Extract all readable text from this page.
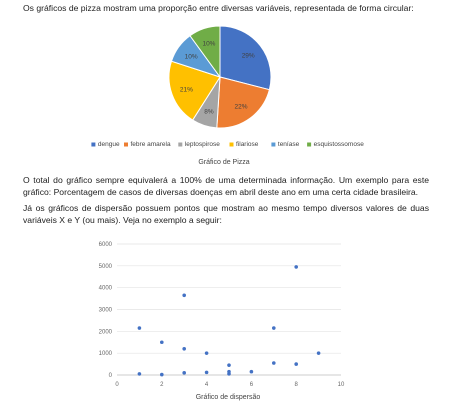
Os gráficos de pizza mostram uma proporção entre diversas variáveis, representada de forma circular:
29%
22%
8%
21%
10%
10%
dengue febre amarela leptospirose filariose	teníase esquistossomose
Gráfico de Pizza
O total do gráfico sempre equivalerá a 100% de uma determinada informação. Um exemplo para este gráfico: Porcentagem de casos de diversas doenças em abril deste ano em uma certa cidade brasileira.
Já os gráficos de dispersão possuem pontos que mostram ao mesmo tempo diversos valores de duas variáveis X e Y (ou mais). Veja no exemplo a seguir:
0
1000
2000
3000
4000
5000
6000
0	2	4	6	8	10
Gráfico de dispersão
